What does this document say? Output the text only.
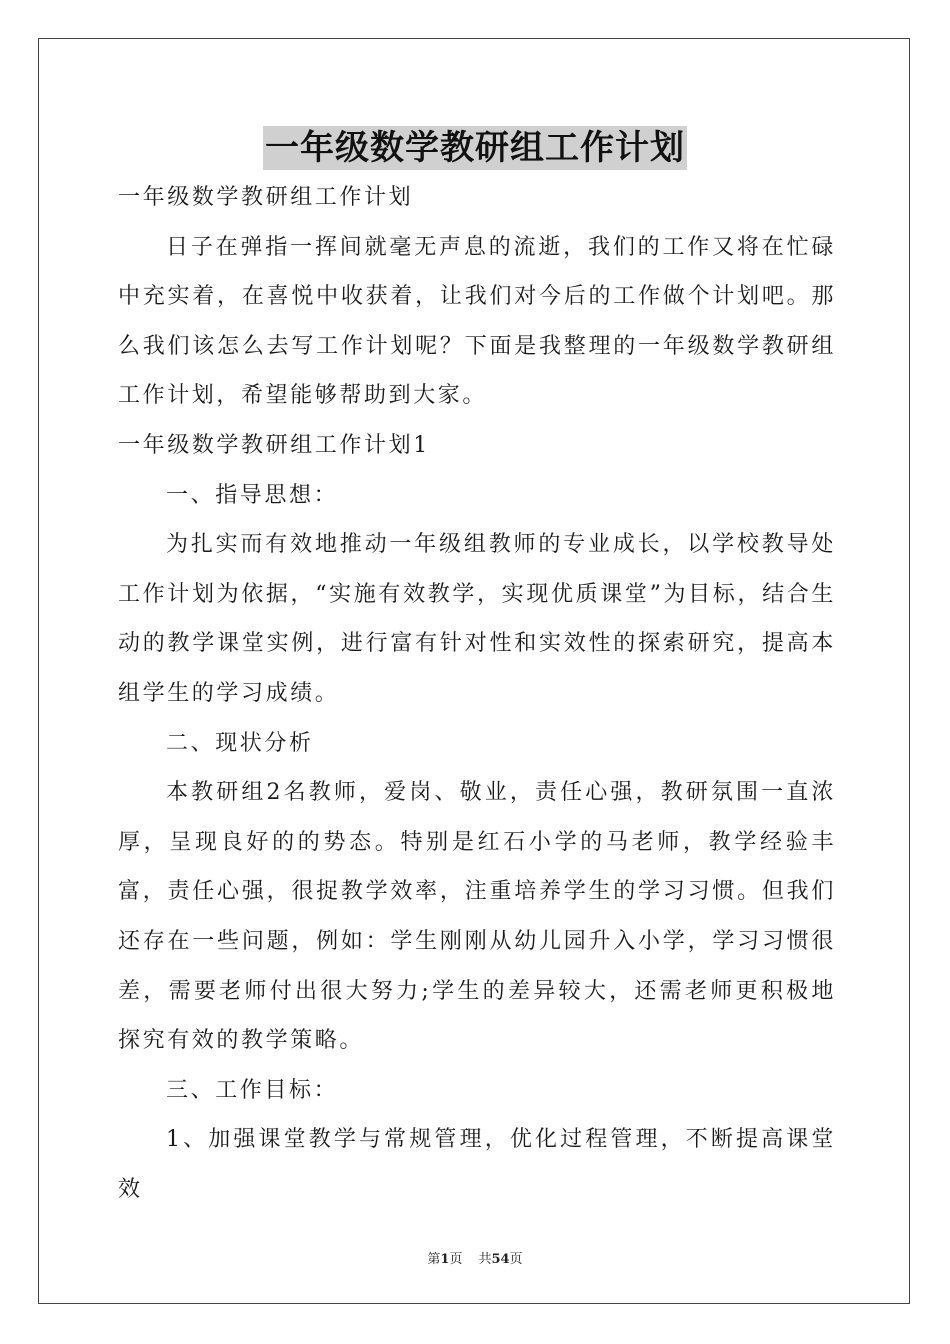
一年级数学教研组工作计划

一年级数学教研组工作计划

日子在弹指一挥间就毫无声息的流逝，我们的工作又将在忙碌中充实着，在喜悦中收获着，让我们对今后的工作做个计划吧。那么我们该怎么去写工作计划呢？下面是我整理的一年级数学教研组工作计划，希望能够帮助到大家。

一年级数学教研组工作计划1

一、指导思想：

为扎实而有效地推动一年级组教师的专业成长，以学校教导处工作计划为依据，“实施有效教学，实现优质课堂”为目标，结合生动的教学课堂实例，进行富有针对性和实效性的探索研究，提高本组学生的学习成绩。

二、现状分析

本教研组2名教师，爱岗、敬业，责任心强，教研氛围一直浓厚，呈现良好的的势态。特别是红石小学的马老师，教学经验丰富，责任心强，很捉教学效率，注重培养学生的学习习惯。但我们还存在一些问题，例如：学生刚刚从幼儿园升入小学，学习习惯很差，需要老师付出很大努力;学生的差异较大，还需老师更积极地探究有效的教学策略。

三、工作目标：

1、加强课堂教学与常规管理，优化过程管理，不断提高课堂效

第1页 共54页
